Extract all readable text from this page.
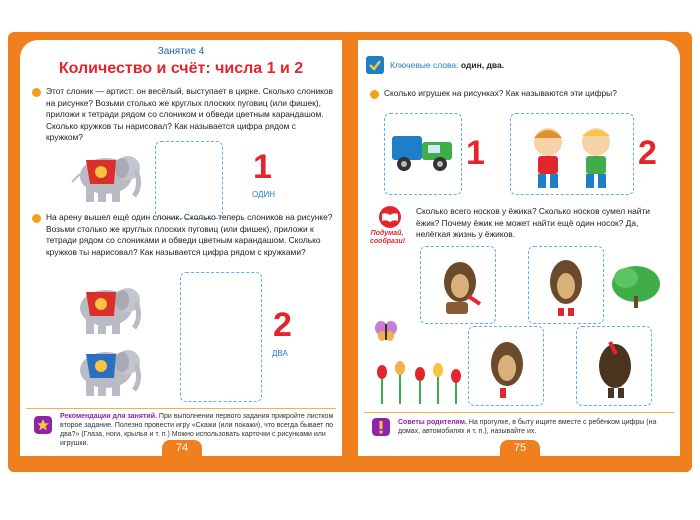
Занятие 4
Количество и счёт: числа 1 и 2
Этот слоник — артист: он весёлый, выступает в цирке. Сколько слоников на рисунке? Возьми столько же круглых плоских пуговиц (или фишек), приложи к тетради рядом со слоником и обведи цветным карандашом. Сколько кружков ты нарисовал? Как называется цифра рядом с кружком?
1
ОДИН
На арену вышел ещё один слоник. Сколько теперь слоников на рисунке? Возьми столько же круглых плоских пуговиц (или фишек), приложи к тетради рядом со слониками и обведи цветным карандашом. Сколько кружков ты нарисовал? Как называется цифра рядом с кружками?
2
ДВА
Рекомендации для занятий. При выполнении первого задания прикройте листком второе задание. Полезно провести игру «Скажи (или покажи), что всегда бывает по два?» (Глаза, ноги, крылья и т. п.) Можно использовать карточки с рисунками или игрушки.	74
Ключевые слова: один, два.
Сколько игрушек на рисунках? Как называются эти цифры?
1	2
Подумай, сообрази!
Сколько всего носков у ёжика? Сколько носков сумел найти ёжик? Почему ёжик не может найти ещё один носок? Да, нелёгкая жизнь у ёжиков.
Советы родителям. На прогулке, в быту ищите вместе с ребёнком цифры (на домах, автомобилях и т. п.), называйте их.
75
